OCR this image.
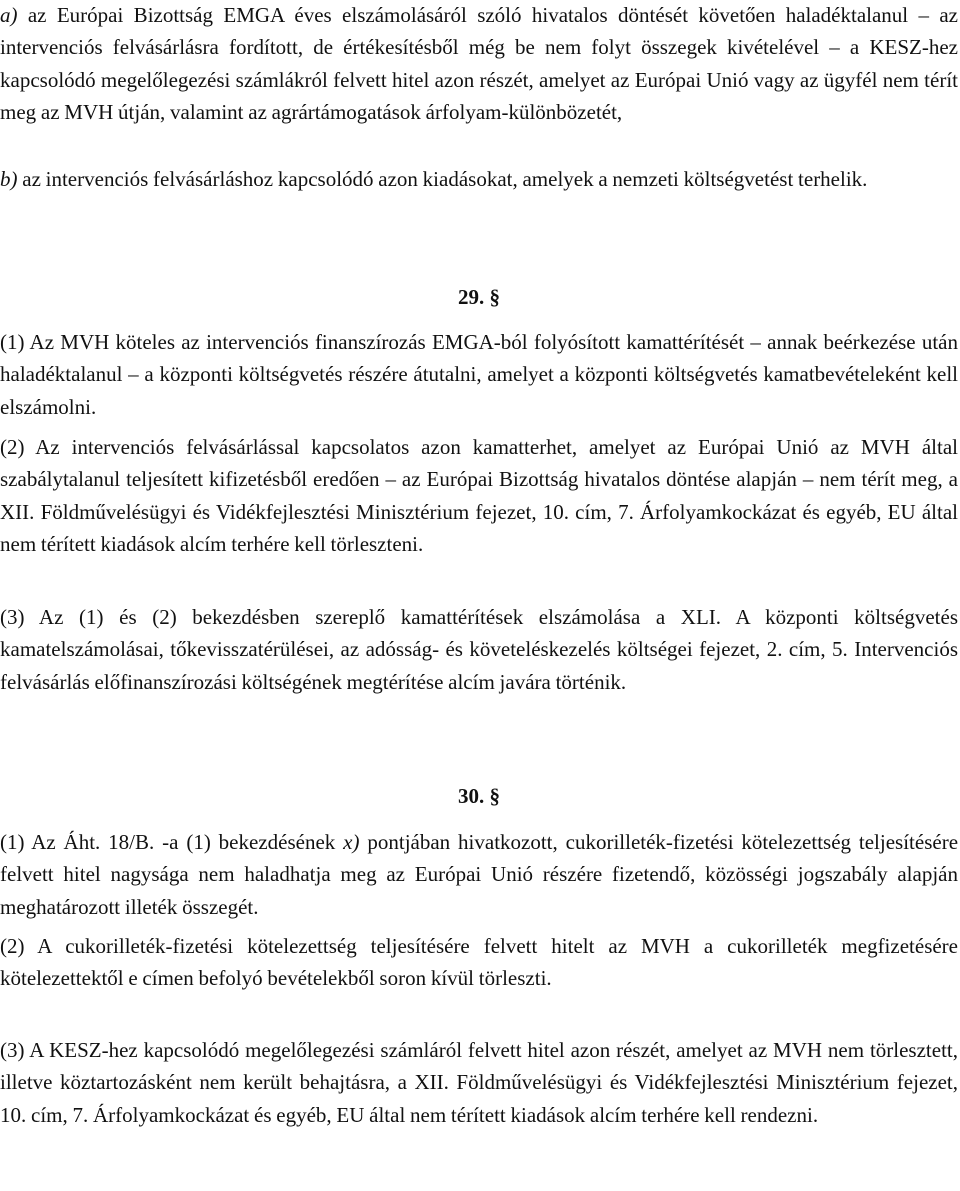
a) az Európai Bizottság EMGA éves elszámolásáról szóló hivatalos döntését követően haladéktalanul – az intervenciós felvásárlásra fordított, de értékesítésből még be nem folyt összegek kivételével – a KESZ-hez kapcsolódó megelőlegezési számlákról felvett hitel azon részét, amelyet az Európai Unió vagy az ügyfél nem térít meg az MVH útján, valamint az agrártámogatások árfolyam-különbözetét,

b) az intervenciós felvásárláshoz kapcsolódó azon kiadásokat, amelyek a nemzeti költségvetést terhelik.

29. §

(1) Az MVH köteles az intervenciós finanszírozás EMGA-ból folyósított kamattérítését – annak beérkezése után haladéktalanul – a központi költségvetés részére átutalni, amelyet a központi költségvetés kamatbevételeként kell elszámolni.

(2) Az intervenciós felvásárlással kapcsolatos azon kamatterhet, amelyet az Európai Unió az MVH által szabálytalanul teljesített kifizetésből eredően – az Európai Bizottság hivatalos döntése alapján – nem térít meg, a XII. Földművelésügyi és Vidékfejlesztési Minisztérium fejezet, 10. cím, 7. Árfolyamkockázat és egyéb, EU által nem térített kiadások alcím terhére kell törleszteni.

(3) Az (1) és (2) bekezdésben szereplő kamattérítések elszámolása a XLI. A központi költségvetés kamatelszámolásai, tőkevisszatérülései, az adósság- és követeléskezelés költségei fejezet, 2. cím, 5. Intervenciós felvásárlás előfinanszírozási költségének megtérítése alcím javára történik.

30. §

(1) Az Áht. 18/B. -a (1) bekezdésének x) pontjában hivatkozott, cukorilleték-fizetési kötelezettség teljesítésére felvett hitel nagysága nem haladhatja meg az Európai Unió részére fizetendő, közösségi jogszabály alapján meghatározott illeték összegét.

(2) A cukorilleték-fizetési kötelezettség teljesítésére felvett hitelt az MVH a cukorilleték megfizetésére kötelezettektől e címen befolyó bevételekből soron kívül törleszti.

(3) A KESZ-hez kapcsolódó megelőlegezési számláról felvett hitel azon részét, amelyet az MVH nem törlesztett, illetve köztartozásként nem került behajtásra, a XII. Földművelésügyi és Vidékfejlesztési Minisztérium fejezet, 10. cím, 7. Árfolyamkockázat és egyéb, EU által nem térített kiadások alcím terhére kell rendezni.
